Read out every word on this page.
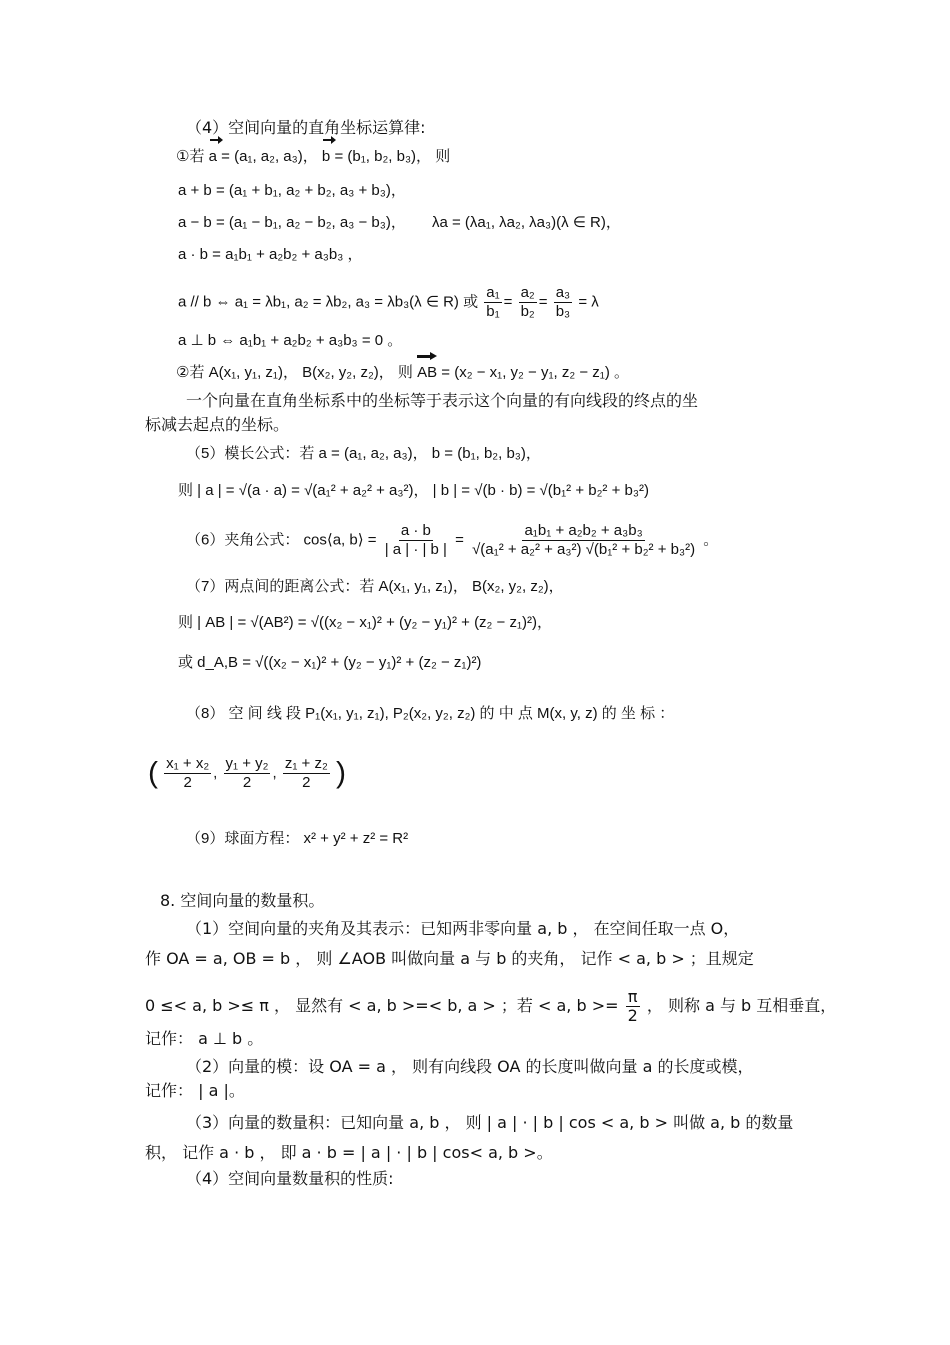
（4）空间向量的直角坐标运算律:
①若 a = (a₁, a₂, a₃)， b = (b₁, b₂, b₃)， 则
a + b = (a₁ + b₁, a₂ + b₂, a₃ + b₃)，
a − b = (a₁ − b₁, a₂ − b₂, a₃ − b₃)， λa = (λa₁, λa₂, λa₃)(λ ∈ R)，
a · b = a₁b₁ + a₂b₂ + a₃b₃ ，
a // b ⇔ a₁ = λb₁, a₂ = λb₂, a₃ = λb₃(λ ∈ R) 或 $\frac{\text{a₁}}{\text{b₁}} = \frac{\text{a₂}}{\text{b₂}} = \frac{\text{a₃}}{\text{b₃}} = \lambda$
a ⊥ b ⇔ a₁b₁ + a₂b₂ + a₃b₃ = 0 。
②若 A(x₁, y₁, z₁)， B(x₂, y₂, z₂)， 则 AB = (x₂ − x₁, y₂ − y₁, z₂ − z₁) 。
一个向量在直角坐标系中的坐标等于表示这个向量的有向线段的终点的坐
标减去起点的坐标。
（5）模长公式：若 a = (a₁, a₂, a₃)， b = (b₁, b₂, b₃)，
则 | a | = √(a · a) = √(a₁² + a₂² + a₃²)， | b | = √(b · b) = √(b₁² + b₂² + b₃²)
（6）夹角公式： cos⟨a, b⟩ = $\frac{a \cdot b}{| a | \cdot | b |} = \frac{\text{a₁b₁ + a₂b₂ + a₃b₃}}{\text{√(a₁² + a₂² + a₃²) √(b₁² + b₂² + b₃²)}}$ 。
（7）两点间的距离公式：若 A(x₁, y₁, z₁)， B(x₂, y₂, z₂)，
则 | AB | = √(AB²) = √((x₂ − x₁)² + (y₂ − y₁)² + (z₂ − z₁)²)，
或 d_A,B = √((x₂ − x₁)² + (y₂ − y₁)² + (z₂ − z₁)²)
（8） 空 间 线 段 P₁(x₁, y₁, z₁), P₂(x₂, y₂, z₂) 的 中 点 M(x, y, z) 的 坐 标 ：
( $\frac{\text{x₁ + x₂}}{2}$ , $\frac{\text{y₁ + y₂}}{2}$ , $\frac{\text{z₁ + z₂}}{2}$ )
（9）球面方程： x² + y² + z² = R²
8. 空间向量的数量积。
（1）空间向量的夹角及其表示：已知两非零向量 a, b ， 在空间任取一点 O，
作 OA = a, OB = b ， 则 ∠AOB 叫做向量 a 与 b 的夹角， 记作 < a, b > ；且规定
0 ≤< a, b >≤ π ， 显然有 < a, b >=< b, a > ；若 < a, $b >= \frac{\pi}{2}$ ， 则称 a 与 b 互相垂直，
记作： a ⊥ b 。
（2）向量的模：设 OA = a ， 则有向线段 OA 的长度叫做向量 a 的长度或模，
记作： | a |。
（3）向量的数量积：已知向量 a, b ， 则 | a | · | b | cos < a, b > 叫做 a, b 的数量
积， 记作 a · b ， 即 a · b = | a | · | b | cos< a, b >。
（4）空间向量数量积的性质:
